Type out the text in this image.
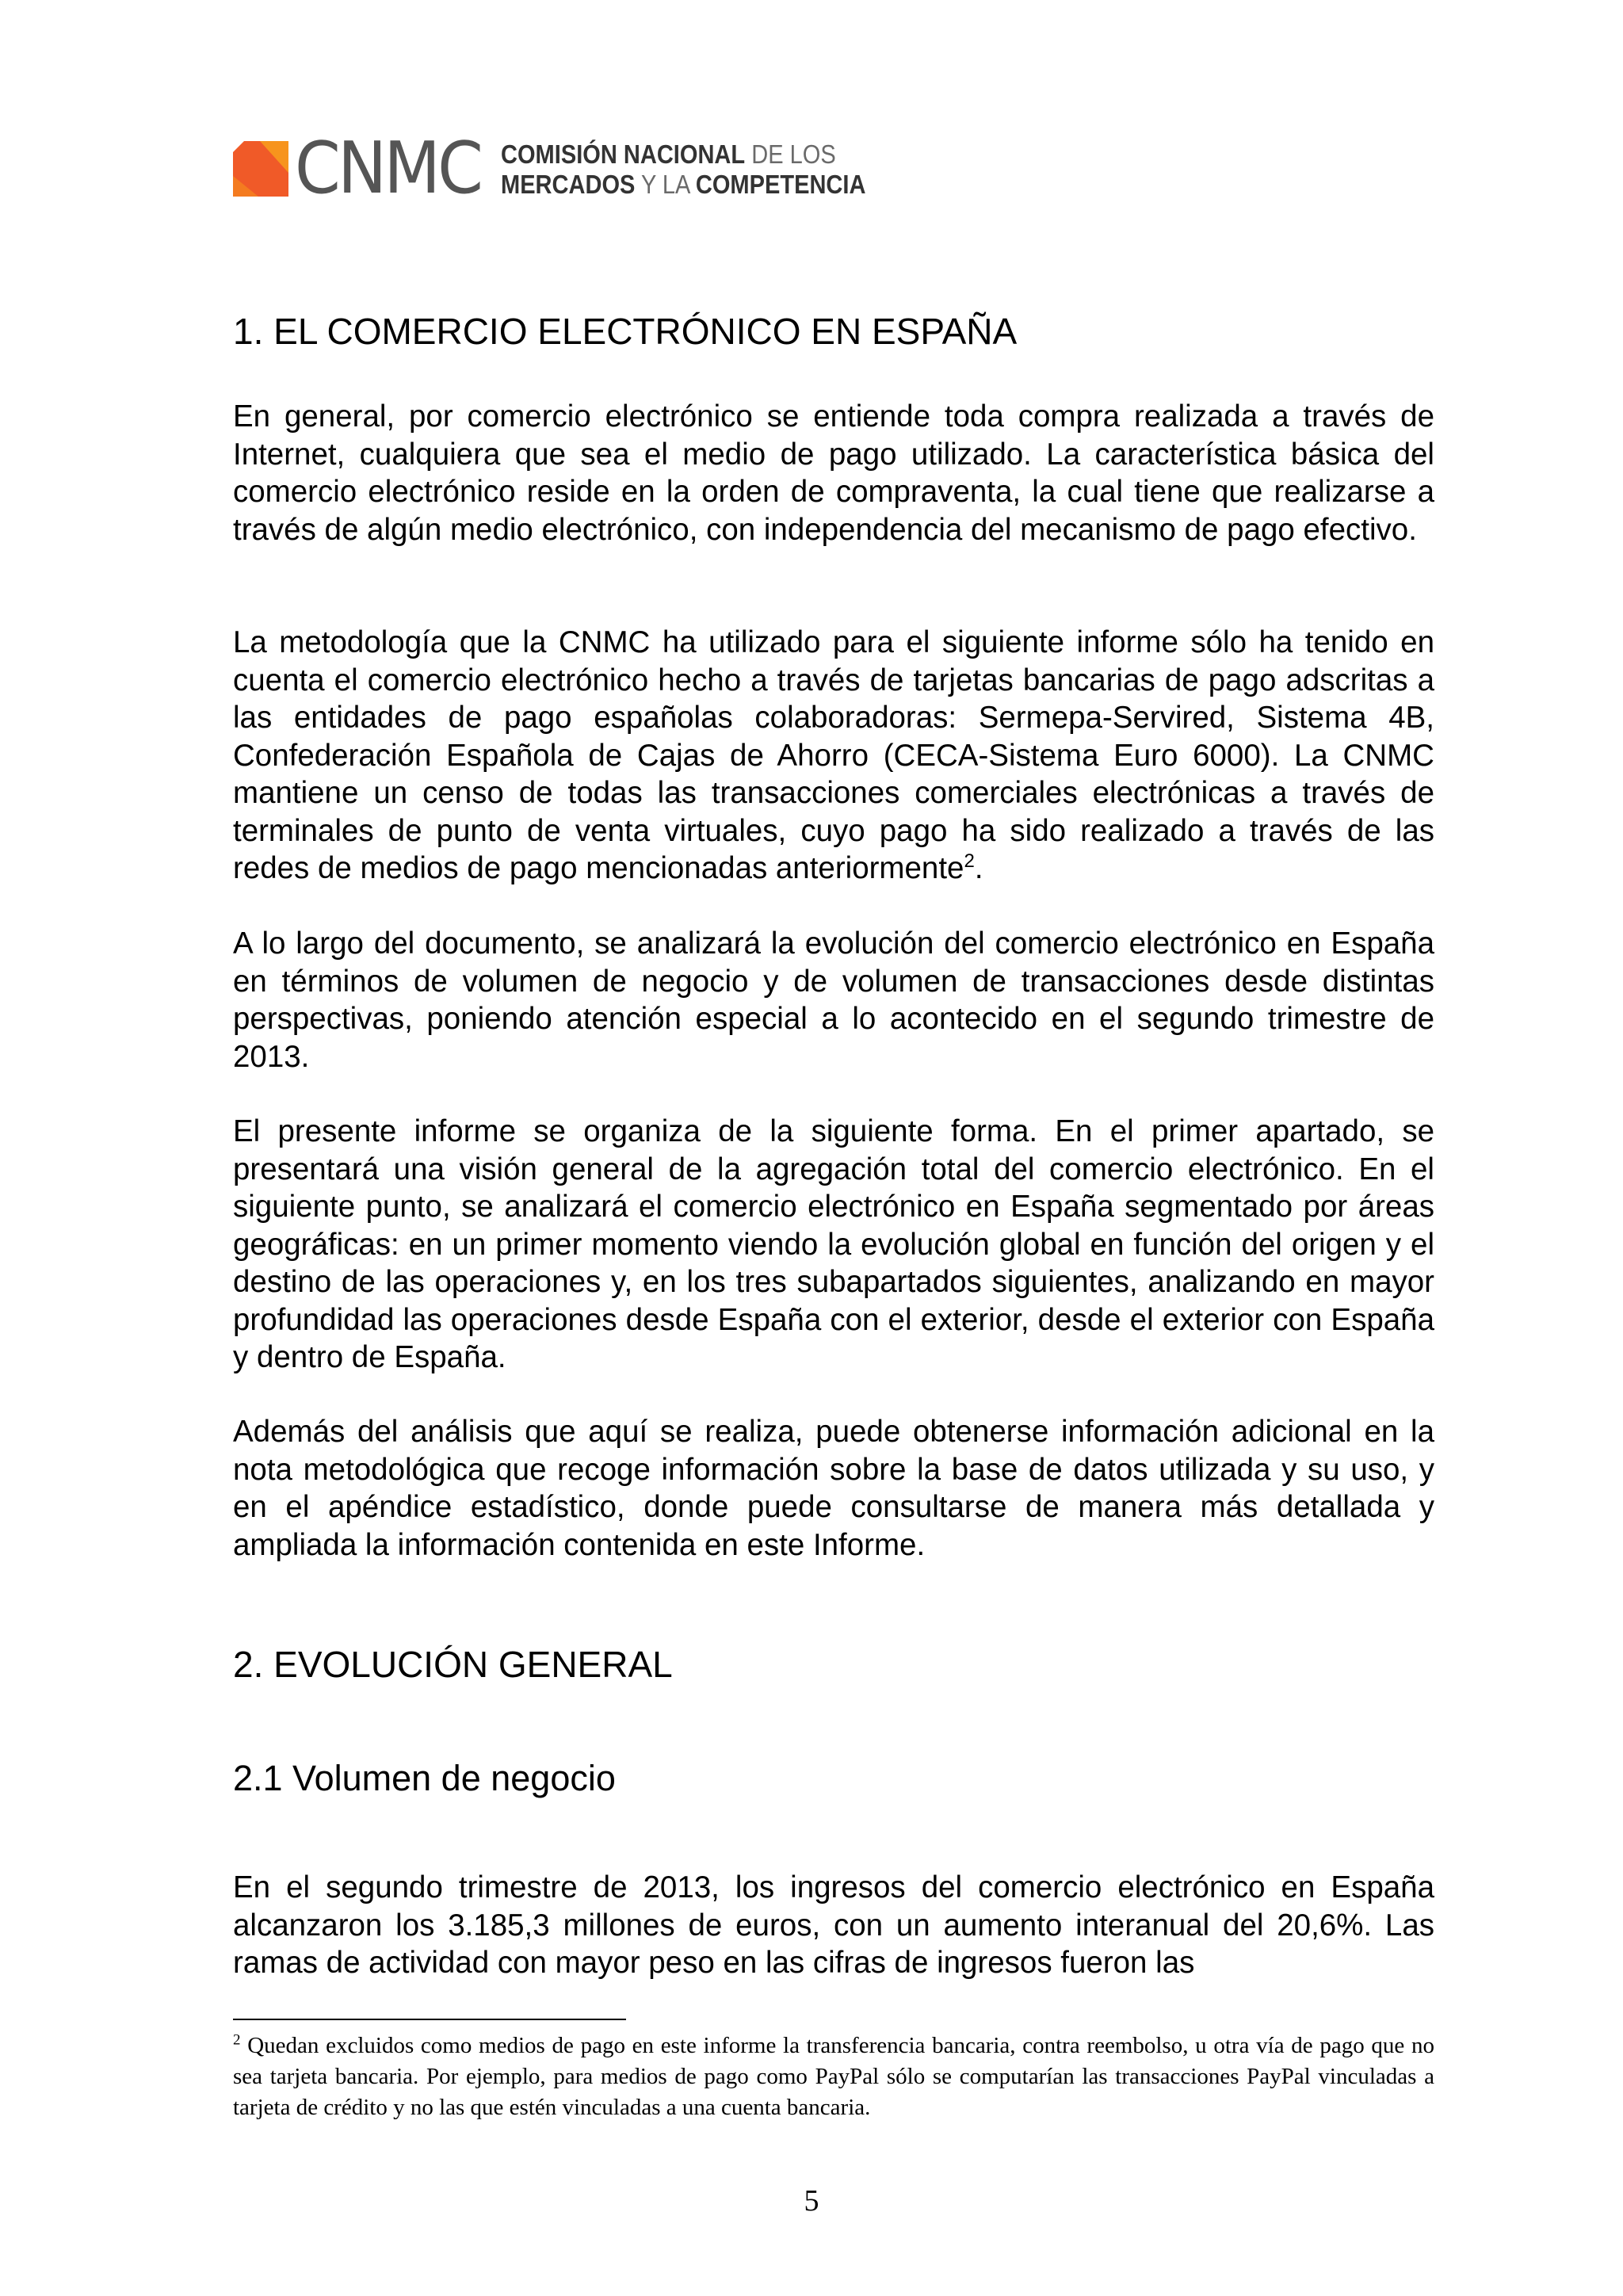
CNMC COMISIÓN NACIONAL DE LOS
MERCADOS Y LA COMPETENCIA
1. EL COMERCIO ELECTRÓNICO EN ESPAÑA

En general, por comercio electrónico se entiende toda compra realizada a través de Internet, cualquiera que sea el medio de pago utilizado. La característica básica del comercio electrónico reside en la orden de compraventa, la cual tiene que realizarse a través de algún medio electrónico, con independencia del mecanismo de pago efectivo.

La metodología que la CNMC ha utilizado para el siguiente informe sólo ha tenido en cuenta el comercio electrónico hecho a través de tarjetas bancarias de pago adscritas a las entidades de pago españolas colaboradoras: Sermepa-Servired, Sistema 4B, Confederación Española de Cajas de Ahorro (CECA-Sistema Euro 6000). La CNMC mantiene un censo de todas las transacciones comerciales electrónicas a través de terminales de punto de venta virtuales, cuyo pago ha sido realizado a través de las redes de medios de pago mencionadas anteriormente$^2$.

A lo largo del documento, se analizará la evolución del comercio electrónico en España en términos de volumen de negocio y de volumen de transacciones desde distintas perspectivas, poniendo atención especial a lo acontecido en el segundo trimestre de 2013.

El presente informe se organiza de la siguiente forma. En el primer apartado, se presentará una visión general de la agregación total del comercio electrónico. En el siguiente punto, se analizará el comercio electrónico en España segmentado por áreas geográficas: en un primer momento viendo la evolución global en función del origen y el destino de las operaciones y, en los tres subapartados siguientes, analizando en mayor profundidad las operaciones desde España con el exterior, desde el exterior con España y dentro de España.

Además del análisis que aquí se realiza, puede obtenerse información adicional en la nota metodológica que recoge información sobre la base de datos utilizada y su uso, y en el apéndice estadístico, donde puede consultarse de manera más detallada y ampliada la información contenida en este Informe.

2. EVOLUCIÓN GENERAL
2.1 Volumen de negocio

En el segundo trimestre de 2013, los ingresos del comercio electrónico en España alcanzaron los 3.185,3 millones de euros, con un aumento interanual del 20,6%. Las ramas de actividad con mayor peso en las cifras de ingresos fueron las

$^2$ Quedan excluidos como medios de pago en este informe la transferencia bancaria, contra reembolso, u otra vía de pago que no sea tarjeta bancaria. Por ejemplo, para medios de pago como PayPal sólo se computarían las transacciones PayPal vinculadas a tarjeta de crédito y no las que estén vinculadas a una cuenta bancaria.

5
